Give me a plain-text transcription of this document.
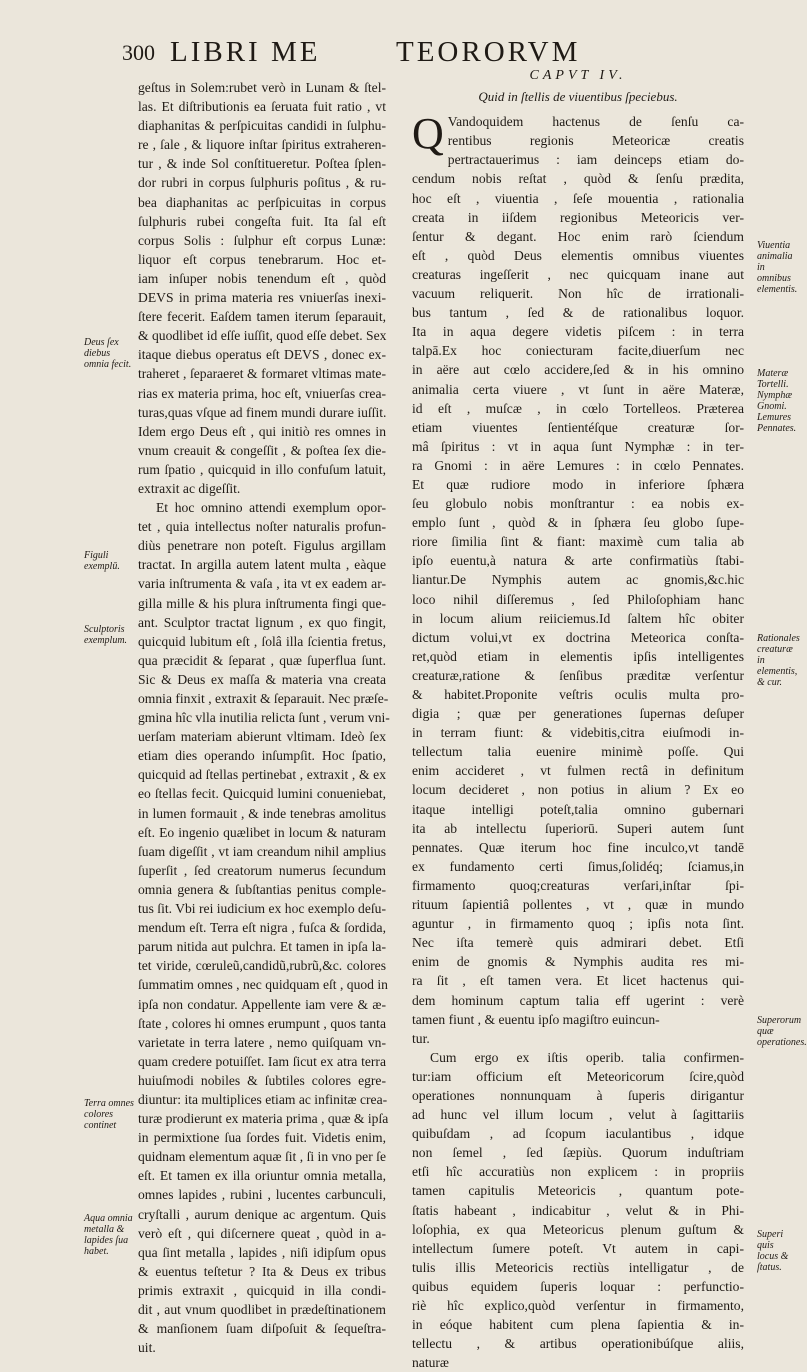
300 LIBRI ME	TEORORVM
geſtus in Solem:rubet verò in Lunam & ſtel-
las. Et diſtributionis ea ſeruata fuit ratio , vt
diaphanitas & perſpicuitas candidi in ſulphu-
re , ſale , & liquore inſtar ſpiritus extraheren-
tur , & inde Sol conſtitueretur. Poſtea ſplen-
dor rubri in corpus ſulphuris poſitus , & ru-
bea diaphanitas ac perſpicuitas in corpus
ſulphuris rubei congeſta fuit. Ita ſal eſt
corpus Solis : ſulphur eſt corpus Lunæ:
liquor eſt corpus tenebrarum. Hoc et-
iam inſuper nobis tenendum eſt , quòd
DEVS in prima materia res vniuerſas inexi-
ſtere fecerit. Eaſdem tamen iterum ſeparauit,
& quodlibet id eſſe iuſſit, quod eſſe debet. Sex
itaque diebus operatus eſt DEVS , donec ex-
traheret , ſeparaeret & formaret vltimas mate-
rias ex materia prima, hoc eſt, vniuerſas crea-
turas,quas vſque ad finem mundi durare iuſſit.
Idem ergo Deus eſt , qui initiò res omnes in
vnum creauit & congeſſit , & poſtea ſex die-
rum ſpatio , quicquid in illo confuſum latuit,
extraxit ac digeſſit.
Et hoc omnino attendi exemplum opor-
tet , quia intellectus noſter naturalis profun-
diùs penetrare non poteſt. Figulus argillam
tractat. In argilla autem latent multa , eàque
varia inſtrumenta & vaſa , ita vt ex eadem ar-
gilla mille & his plura inſtrumenta fingi que-
ant. Sculptor tractat lignum , ex quo fingit,
quicquid lubitum eſt , ſolâ illa ſcientia fretus,
qua præcidit & ſeparat , quæ ſuperflua ſunt.
Sic & Deus ex maſſa & materia vna creata
omnia finxit , extraxit & ſeparauit. Nec præſe-
gmina hîc vlla inutilia relicta ſunt , verum vni-
uerſam materiam abierunt vltimam. Ideò ſex
etiam dies operando inſumpſit. Hoc ſpatio,
quicquid ad ſtellas pertinebat , extraxit , & ex
eo ſtellas fecit. Quicquid lumini conueniebat,
in lumen formauit , & inde tenebras amolitus
eſt. Eo ingenio quælibet in locum & naturam
ſuam digeſſit , vt iam creandum nihil amplius
ſuperſit , ſed creatorum numerus ſecundum
omnia genera & ſubſtantias penitus comple-
tus ſit. Vbi rei iudicium ex hoc exemplo deſu-
mendum eſt. Terra eſt nigra , fuſca & ſordida,
parum nitida aut pulchra. Et tamen in ipſa la-
tet viride, cœruleũ,candidũ,rubrũ,&c. colores
ſummatim omnes , nec quidquam eſt , quod in
ipſa non condatur. Appellente iam vere & æ-
ſtate , colores hi omnes erumpunt , quos tanta
varietate in terra latere , nemo quiſquam vn-
quam credere potuiſſet. Iam ſicut ex atra terra
huiuſmodi nobiles & ſubtiles colores egre-
diuntur: ita multiplices etiam ac infinitæ crea-
turæ prodierunt ex materia prima , quæ & ipſa
in permixtione ſua ſordes fuit. Videtis enim,
quidnam elementum aquæ ſit , ſi in vno per ſe
eſt. Et tamen ex illa oriuntur omnia metalla,
omnes lapides , rubini , lucentes carbunculi,
cryſtalli , aurum denique ac argentum. Quis
verò eſt , qui diſcernere queat , quòd in a-
qua ſint metalla , lapides , niſi idipſum opus
& euentus teſtetur ? Ita & Deus ex tribus
primis extraxit , quicquid in illa condi-
dit , aut vnum quodlibet in prædeſtinationem
& manſionem ſuam diſpoſuit & ſequeſtra-
uit.
CAPVT IV.
Quid in ſtellis de viuentibus ſpeciebus.
Q Vandoquidem hactenus de ſenſu ca-
rentibus regionis Meteoricæ creatis
pertractauerimus : iam deinceps etiam do-
cendum nobis reſtat , quòd & ſenſu prædita,
hoc eſt , viuentia , ſeſe mouentia , rationalia
creata in iiſdem regionibus Meteoricis ver-
ſentur & degant. Hoc enim rarò ſciendum
eſt , quòd Deus elementis omnibus viuentes
creaturas ingeſſerit , nec quicquam inane aut
vacuum reliquerit. Non hîc de irrationali-
bus tantum , ſed & de rationalibus loquor.
Ita in aqua degere videtis piſcem : in terra
talpā.Ex hoc coniecturam facite,diuerſum nec
in aëre aut cœlo accidere,ſed & in his omnino
animalia certa viuere , vt ſunt in aëre Materæ,
id eſt , muſcæ , in cœlo Tortelleos. Præterea
etiam viuentes ſentientéſque creaturæ ſor-
mâ ſpiritus : vt in aqua ſunt Nymphæ : in ter-
ra Gnomi : in aëre Lemures : in cœlo Pennates.
Et quæ rudiore modo in inferiore ſphæra
ſeu globulo nobis monſtrantur : ea nobis ex-
emplo ſunt , quòd & in ſphæra ſeu globo ſupe-
riore ſimilia ſint & fiant: maximè cum talia ab
ipſo euentu,à natura & arte confirmatiùs ſtabi-
liantur.De Nymphis autem ac gnomis,&c.hic
loco nihil diſſeremus , ſed Philoſophiam hanc
in locum alium reiiciemus.Id ſaltem hîc obiter
dictum volui,vt ex doctrina Meteorica conſta-
ret,quòd etiam in elementis ipſis intelligentes
creaturæ,ratione & ſenſibus præditæ verſentur
& habitet.Proponite veſtris oculis multa pro-
digia ; quæ per generationes ſupernas deſuper
in terram fiunt: & videbitis,citra eiuſmodi in-
tellectum talia euenire minimè poſſe. Qui
enim accideret , vt fulmen rectâ in definitum
locum decideret , non potius in alium ? Ex eo
itaque intelligi poteſt,talia omnino gubernari
ita ab intellectu ſuperiorū. Superi autem ſunt
pennates. Quæ iterum hoc fine inculco,vt tandē
ex fundamento certi ſimus,ſolidéq; ſciamus,in
firmamento quoq;creaturas verſari,inſtar ſpi-
rituum ſapientiâ pollentes , vt , quæ in mundo
aguntur , in firmamento quoq ; ipſis nota ſint.
Nec iſta temerè quis admirari debet. Etſi
enim de gnomis & Nymphis audita res mi-
ra ſit , eſt tamen vera. Et licet hactenus qui-
dem hominum captum talia eff ugerint : verè
tamen fiunt , & euentu ipſo magiſtro euincun-
tur.
Cum ergo ex iſtis operib. talia confirmen-
tur:iam officium eſt Meteoricorum ſcire,quòd
operationes nonnunquam à ſuperis dirigantur
ad hunc vel illum locum , velut à ſagittariis
quibuſdam , ad ſcopum iaculantibus , idque
non ſemel , ſed ſæpiùs. Quorum induſtriam
etſi hîc accuratiùs non explicem : in propriis
tamen capitulis Meteoricis , quantum pote-
ſtatis habeant , indicabitur , velut & in Phi-
loſophia, ex qua Meteoricus plenum guſtum &
intellectum ſumere poteſt. Vt autem in capi-
tulis illis Meteoricis rectiùs intelligatur , de
quibus equidem ſuperis loquar : perfunctio-
riè hîc explico,quòd verſentur in firmamento,
in eóque habitent cum plena ſapientia & in-
tellectu , & artibus operationibúſque aliis,
naturæ
Deus ſex diebus omnia fecit.
Figuli exemplū.
Sculptoris exemplum.
Terra omnes colores continet
Aqua omnia metalla & lapides ſua habet.
Viuentia animalia in omnibus elementis.
Materæ Tortelli. Nymphæ Gnomi. Lemures Pennates.
Rationales creaturæ in elementis, & cur.
Superorum quæ operationes.
Superi quis locus & ſtatus.
